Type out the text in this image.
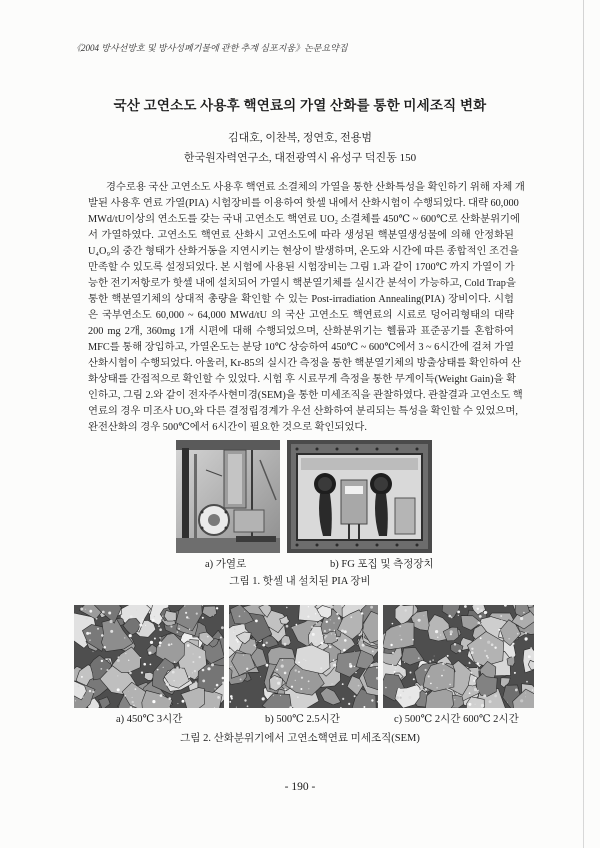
《2004 방사선방호 및 방사성폐기물에 관한 추계 심포지움》논문요약집
국산 고연소도 사용후 핵연료의 가열 산화를 통한 미세조직 변화
김대호, 이찬복, 정연호, 전용범
한국원자력연구소, 대전광역시 유성구 덕진동 150
경수로용 국산 고연소도 사용후 핵연료 소결체의 가열을 통한 산화특성을 확인하기 위해 자체 개
발된 사용후 연료 가열(PIA) 시험장비를 이용하여 핫셀 내에서 산화시험이 수행되었다. 대략 60,000
MWd/tU이상의 연소도를 갖는 국내 고연소도 핵연료 UO₂ 소결체를 450℃ ~ 600℃로 산화분위기에
서 가열하였다. 고연소도 핵연료 산화시 고연소도에 따라 생성된 핵분열생성물에 의해 안정화된
U₄O₉의 중간 형태가 산화거동을 지연시키는 현상이 발생하며, 온도와 시간에 따른 종합적인 조건을
만족할 수 있도록 설정되었다. 본 시험에 사용된 시험장비는 그림 1.과 같이 1700℃ 까지 가열이 가
능한 전기저항로가 핫셀 내에 설치되어 가열시 핵분열기체를 실시간 분석이 가능하고, Cold Trap을
통한 핵분열기체의 상대적 총량을 확인할 수 있는 Post-irradiation Annealing(PIA) 장비이다. 시험
은 국부연소도 60,000 ~ 64,000 MWd/tU 의 국산 고연소도 핵연료의 시료로 덩어리형태의 대략
200 mg 2개, 360mg 1개 시편에 대해 수행되었으며, 산화분위기는 헬륨과 표준공기를 혼합하여
MFC를 통해 장입하고, 가열온도는 분당 10℃ 상승하여 450℃ ~ 600℃에서 3 ~ 6시간에 걸쳐 가열
산화시험이 수행되었다. 아울러, Kr-85의 실시간 측정을 통한 핵분열기체의 방출상태를 확인하여 산
화상태를 간접적으로 확인할 수 있었다. 시험 후 시료무게 측정을 통한 무게이득(Weight Gain)을 확
인하고, 그림 2.와 같이 전자주사현미경(SEM)을 통한 미세조직을 관찰하였다. 관찰결과 고연소도 핵
연료의 경우 미조사 UO₂와 다른 결정립경계가 우선 산화하여 분리되는 특성을 확인할 수 있었으며,
완전산화의 경우 500℃에서 6시간이 필요한 것으로 확인되었다.
a) 가열로	b) FG 포집 및 측정장치
그림 1. 핫셀 내 설치된 PIA 장비
a) 450℃ 3시간	b) 500℃ 2.5시간	c) 500℃ 2시간 600℃ 2시간
그림 2. 산화분위기에서 고연소핵연료 미세조직(SEM)
- 190 -
